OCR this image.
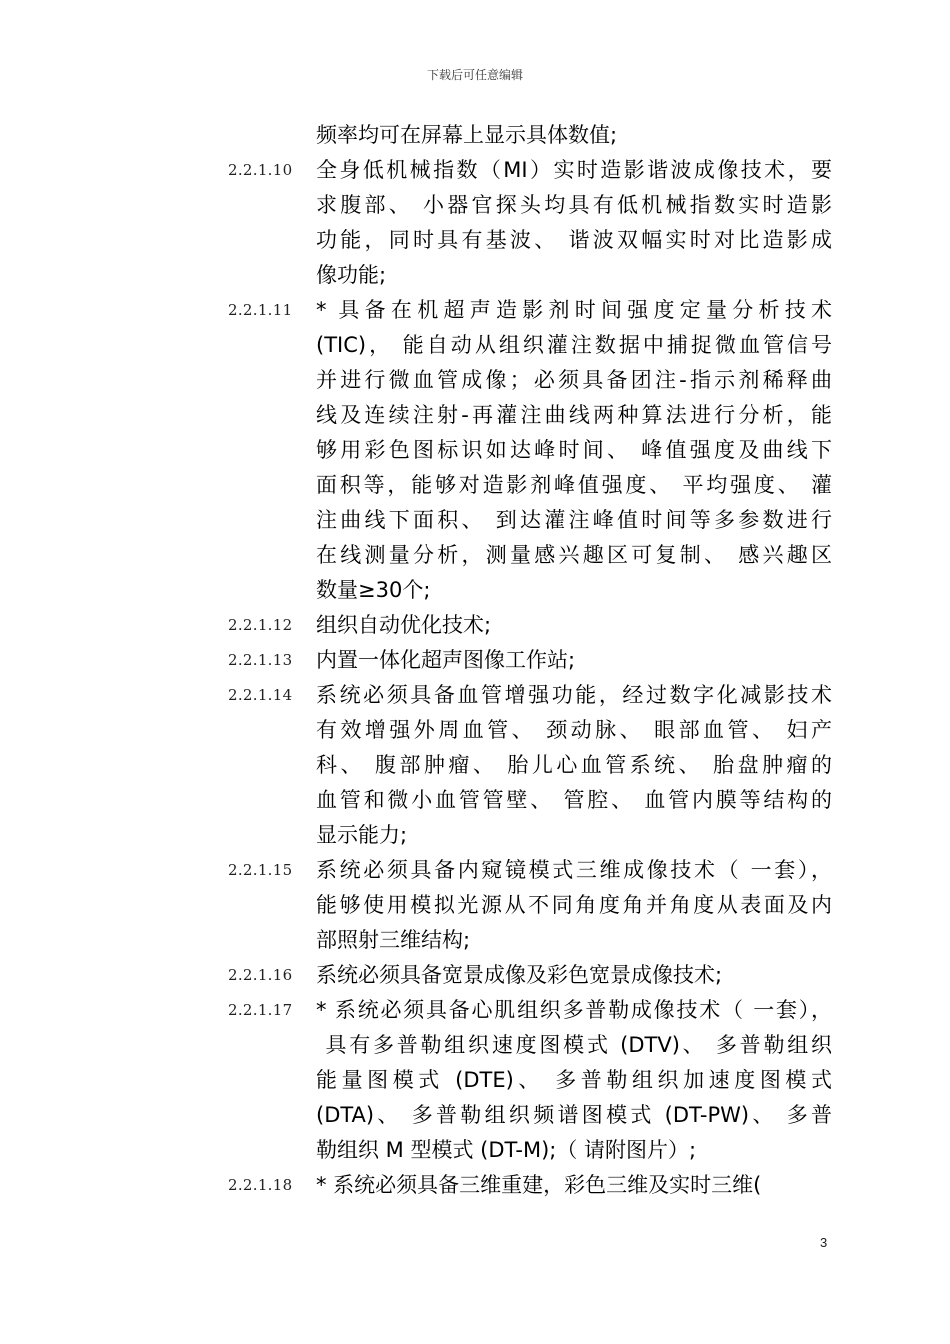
下载后可任意编辑
频率均可在屏幕上显示具体数值;
2.2.1.10	全身低机械指数（MI）实时造影谐波成像技术，要
求腹部、 小器官探头均具有低机械指数实时造影
功能，同时具有基波、 谐波双幅实时对比造影成
像功能;
2.2.1.11	* 具备在机超声造影剂时间强度定量分析技术
(TIC)， 能自动从组织灌注数据中捕捉微血管信号
并进行微血管成像；必须具备团注-指示剂稀释曲
线及连续注射-再灌注曲线两种算法进行分析，能
够用彩色图标识如达峰时间、 峰值强度及曲线下
面积等，能够对造影剂峰值强度、 平均强度、 灌
注曲线下面积、 到达灌注峰值时间等多参数进行
在线测量分析，测量感兴趣区可复制、 感兴趣区
数量≥30个;
2.2.1.12	组织自动优化技术;
2.2.1.13	内置一体化超声图像工作站;
2.2.1.14	系统必须具备血管增强功能，经过数字化减影技术
有效增强外周血管、 颈动脉、 眼部血管、 妇产
科、 腹部肿瘤、 胎儿心血管系统、 胎盘肿瘤的
血管和微小血管管壁、 管腔、 血管内膜等结构的
显示能力;
2.2.1.15	系统必须具备内窥镜模式三维成像技术（ 一套），
能够使用模拟光源从不同角度角并角度从表面及内
部照射三维结构;
2.2.1.16	系统必须具备宽景成像及彩色宽景成像技术;
2.2.1.17	* 系统必须具备心肌组织多普勒成像技术（ 一套），
具有多普勒组织速度图模式 (DTV)、 多普勒组织
能量图模式 (DTE)、 多普勒组织加速度图模式
(DTA)、 多普勒组织频谱图模式 (DT-PW)、 多普
勒组织 M 型模式 (DT-M);（ 请附图片）;
2.2.1.18	* 系统必须具备三维重建，彩色三维及实时三维(
3
